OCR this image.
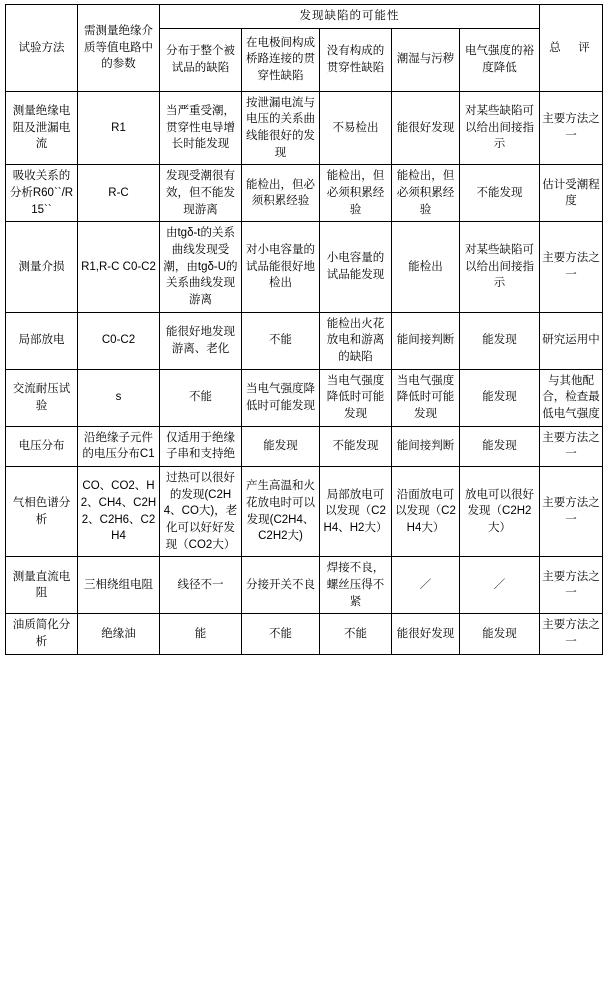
试验方法	需测量绝缘介质等值电路中的参数	发现缺陷的可能性					总　评
		分布于整个被试品的缺陷	在电极间构成桥路连接的贯穿性缺陷	没有构成的贯穿性缺陷	潮湿与污秽	电气强度的裕度降低	
测量绝缘电阻及泄漏电流	R1	当严重受潮，贯穿性电导增长时能发现	按泄漏电流与电压的关系曲线能很好的发现	不易检出	能很好发现	对某些缺陷可以给出间接指示	主要方法之一
吸收关系的分析R60``/R15``	R-C	发现受潮很有效，但不能发现游离	能检出，但必须积累经验	能检出，但必须积累经验	能检出，但必须积累经验	不能发现	估计受潮程度
测量介损	R1,R-C C0-C2	由tgδ-t的关系曲线发现受潮，由tgδ-U的关系曲线发现游离	对小电容量的试品能很好地检出	小电容量的试品能发现	能检出	对某些缺陷可以给出间接指示	主要方法之一
局部放电	C0-C2	能很好地发现游离、老化	不能	能检出火花放电和游离的缺陷	能间接判断	能发现	研究运用中
交流耐压试验	s	不能	当电气强度降低时可能发现	当电气强度降低时可能发现	当电气强度降低时可能发现	能发现	与其他配合，检查最低电气强度
电压分布	沿绝缘子元件的电压分布C1	仅适用于绝缘子串和支持绝	能发现	不能发现	能间接判断	能发现	主要方法之一
气相色谱分析	CO、CO2、H2、CH4、C2H2、C2H6、C2H4	过热可以很好的发现(C2H4、CO大)，老化可以好好发现（CO2大）	产生高温和火花放电时可以发现(C2H4、C2H2大)	局部放电可以发现（C2H4、H2大）	沿面放电可以发现（C2H4大）	放电可以很好发现（C2H2大）	主要方法之一
测量直流电阻	三相绕组电阻	线径不一	分接开关不良	焊接不良，螺丝压得不紧	／	／	主要方法之一
油质简化分析	绝缘油	能	不能	不能	能很好发现	能发现	主要方法之一
